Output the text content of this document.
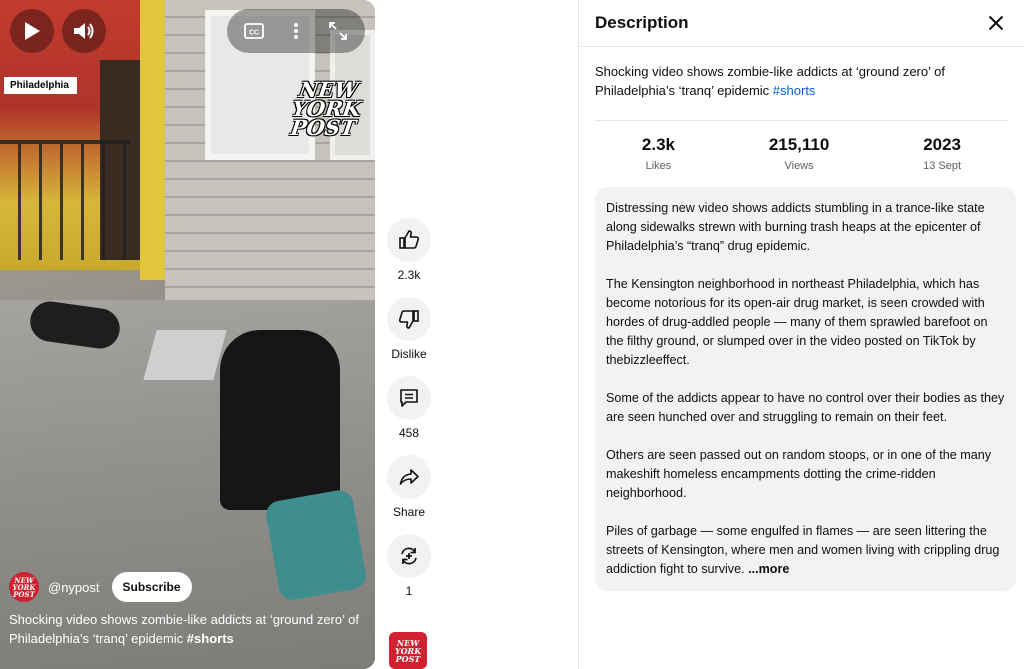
CC
Philadelphia	NEW
YORK
POST
NEW
YORK
POST	@nypost	Subscribe
Shocking video shows zombie-like addicts at ‘ground zero’ of Philadelphia’s ‘tranq’ epidemic #shorts
2.3k
Dislike
458
Share
1
NEW
YORK
POST
Description
Shocking video shows zombie-like addicts at ‘ground zero’ of Philadelphia’s ‘tranq’ epidemic #shorts
2.3k
Likes
215,110
Views
2023
13 Sept

Distressing new video shows addicts stumbling in a trance-like state along sidewalks strewn with burning trash heaps at the epicenter of Philadelphia’s “tranq” drug epidemic.

The Kensington neighborhood in northeast Philadelphia, which has become notorious for its open-air drug market, is seen crowded with hordes of drug-addled people — many of them sprawled barefoot on the filthy ground, or slumped over in the video posted on TikTok by thebizzleeffect.

Some of the addicts appear to have no control over their bodies as they are seen hunched over and struggling to remain on their feet.

Others are seen passed out on random stoops, or in one of the many makeshift homeless encampments dotting the crime-ridden neighborhood.

Piles of garbage — some engulfed in flames — are seen littering the streets of Kensington, where men and women living with crippling drug addiction fight to survive. ...more
